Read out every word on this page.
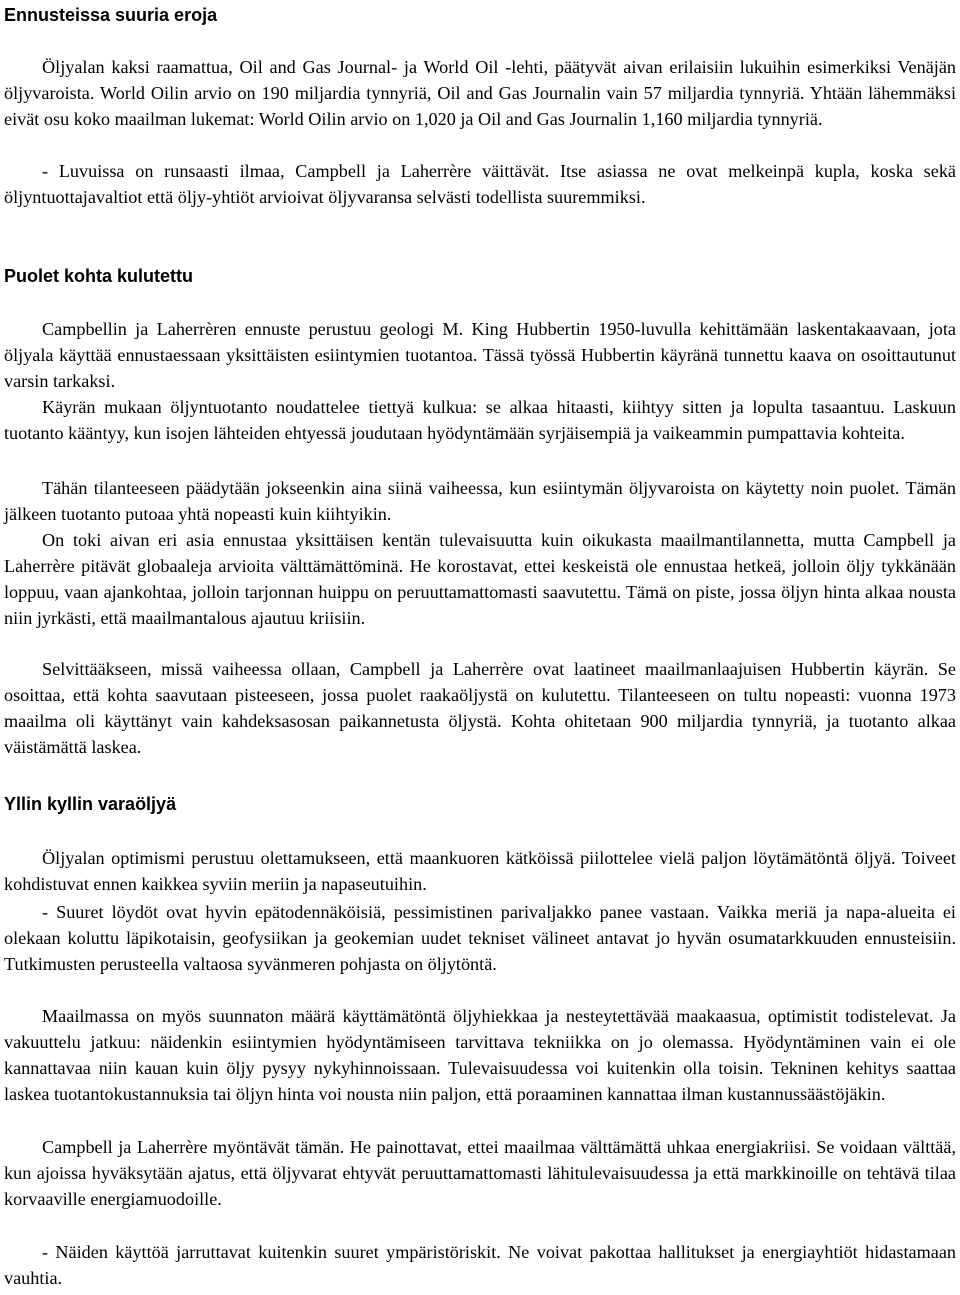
Ennusteissa suuria eroja

Öljyalan kaksi raamattua, Oil and Gas Journal- ja World Oil -lehti, päätyvät aivan erilaisiin lukuihin esimerkiksi Venäjän öljyvaroista. World Oilin arvio on 190 miljardia tynnyriä, Oil and Gas Journalin vain 57 miljardia tynnyriä. Yhtään lähemmäksi eivät osu koko maailman lukemat: World Oilin arvio on 1,020 ja Oil and Gas Journalin 1,160 miljardia tynnyriä.

- Luvuissa on runsaasti ilmaa, Campbell ja Laherrère väittävät. Itse asiassa ne ovat melkeinpä kupla, koska sekä öljyntuottajavaltiot että öljy-yhtiöt arvioivat öljyvaransa selvästi todellista suuremmiksi.

Puolet kohta kulutettu

Campbellin ja Laherrèren ennuste perustuu geologi M. King Hubbertin 1950-luvulla kehittämään laskentakaavaan, jota öljyala käyttää ennustaessaan yksittäisten esiintymien tuotantoa. Tässä työssä Hubbertin käyränä tunnettu kaava on osoittautunut varsin tarkaksi.

Käyrän mukaan öljyntuotanto noudattelee tiettyä kulkua: se alkaa hitaasti, kiihtyy sitten ja lopulta tasaantuu. Laskuun tuotanto kääntyy, kun isojen lähteiden ehtyessä joudutaan hyödyntämään syrjäisempiä ja vaikeammin pumpattavia kohteita.

Tähän tilanteeseen päädytään jokseenkin aina siinä vaiheessa, kun esiintymän öljyvaroista on käytetty noin puolet. Tämän jälkeen tuotanto putoaa yhtä nopeasti kuin kiihtyikin.

On toki aivan eri asia ennustaa yksittäisen kentän tulevaisuutta kuin oikukasta maailmantilannetta, mutta Campbell ja Laherrère pitävät globaaleja arvioita välttämättöminä. He korostavat, ettei keskeistä ole ennustaa hetkeä, jolloin öljy tykkänään loppuu, vaan ajankohtaa, jolloin tarjonnan huippu on peruuttamattomasti saavutettu. Tämä on piste, jossa öljyn hinta alkaa nousta niin jyrkästi, että maailmantalous ajautuu kriisiin.

Selvittääkseen, missä vaiheessa ollaan, Campbell ja Laherrère ovat laatineet maailmanlaajuisen Hubbertin käyrän. Se osoittaa, että kohta saavutaan pisteeseen, jossa puolet raakaöljystä on kulutettu. Tilanteeseen on tultu nopeasti: vuonna 1973 maailma oli käyttänyt vain kahdeksasosan paikannetusta öljystä. Kohta ohitetaan 900 miljardia tynnyriä, ja tuotanto alkaa väistämättä laskea.

Yllin kyllin varaöljyä

Öljyalan optimismi perustuu olettamukseen, että maankuoren kätköissä piilottelee vielä paljon löytämätöntä öljyä. Toiveet kohdistuvat ennen kaikkea syviin meriin ja napaseutuihin.

- Suuret löydöt ovat hyvin epätodennäköisiä, pessimistinen parivaljakko panee vastaan. Vaikka meriä ja napa-alueita ei olekaan koluttu läpikotaisin, geofysiikan ja geokemian uudet tekniset välineet antavat jo hyvän osumatarkkuuden ennusteisiin. Tutkimusten perusteella valtaosa syvänmeren pohjasta on öljytöntä.

Maailmassa on myös suunnaton määrä käyttämätöntä öljyhiekkaa ja nesteytettävää maakaasua, optimistit todistelevat. Ja vakuuttelu jatkuu: näidenkin esiintymien hyödyntämiseen tarvittava tekniikka on jo olemassa. Hyödyntäminen vain ei ole kannattavaa niin kauan kuin öljy pysyy nykyhinnoissaan. Tulevaisuudessa voi kuitenkin olla toisin. Tekninen kehitys saattaa laskea tuotantokustannuksia tai öljyn hinta voi nousta niin paljon, että poraaminen kannattaa ilman kustannussäästöjäkin.

Campbell ja Laherrère myöntävät tämän. He painottavat, ettei maailmaa välttämättä uhkaa energiakriisi. Se voidaan välttää, kun ajoissa hyväksytään ajatus, että öljyvarat ehtyvät peruuttamattomasti lähitulevaisuudessa ja että markkinoille on tehtävä tilaa korvaaville energiamuodoille.

- Näiden käyttöä jarruttavat kuitenkin suuret ympäristöriskit. Ne voivat pakottaa hallitukset ja energiayhtiöt hidastamaan vauhtia.
